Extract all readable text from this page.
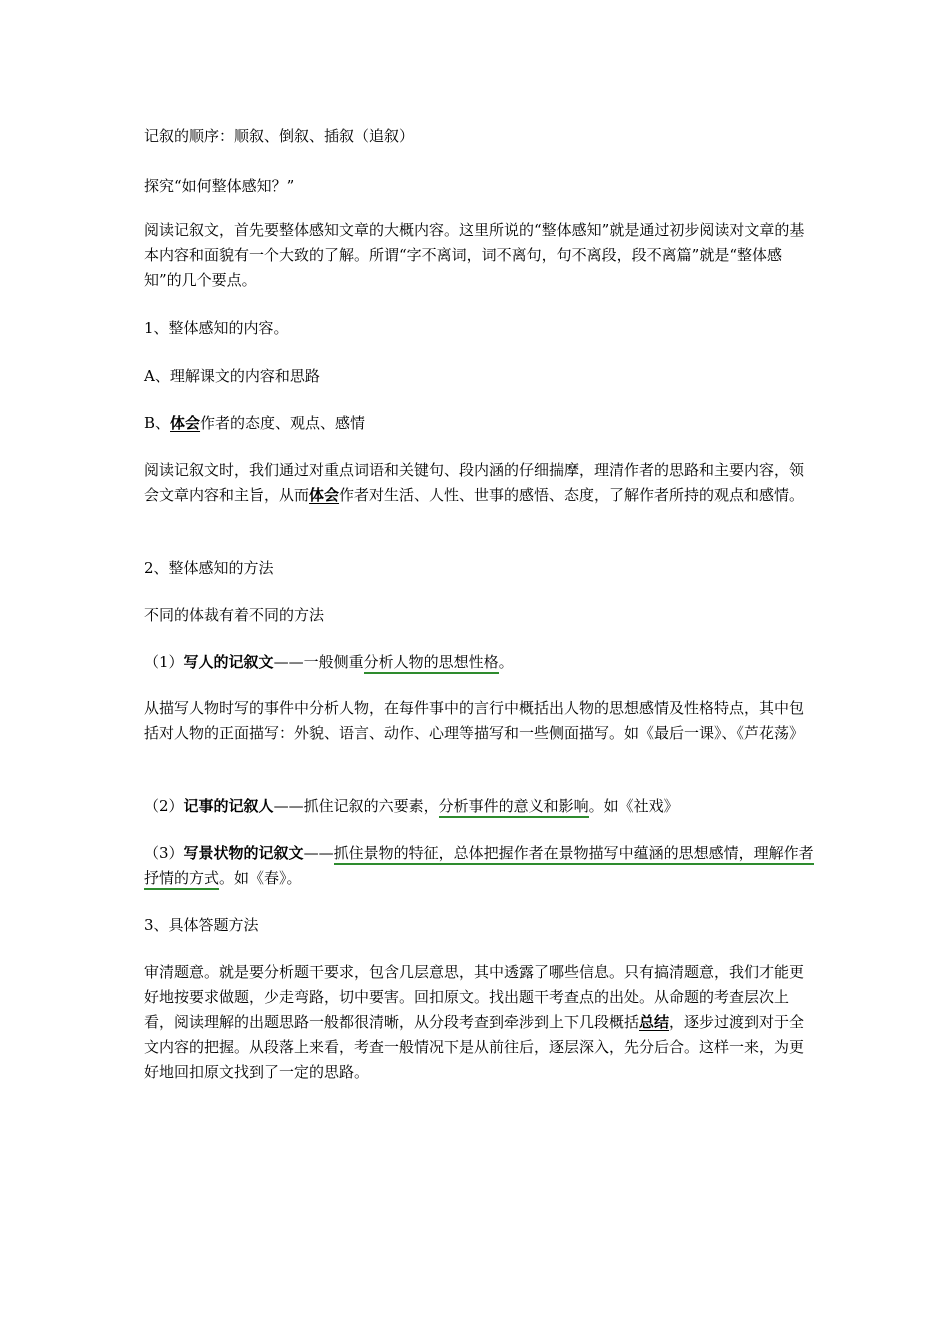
记叙的顺序：顺叙、倒叙、插叙（追叙）

探究“如何整体感知？”

阅读记叙文，首先要整体感知文章的大概内容。这里所说的“整体感知”就是通过初步阅读对文章的基本内容和面貌有一个大致的了解。所谓“字不离词，词不离句，句不离段，段不离篇”就是“整体感知”的几个要点。

1、整体感知的内容。

A、理解课文的内容和思路

B、体会作者的态度、观点、感情

阅读记叙文时，我们通过对重点词语和关键句、段内涵的仔细揣摩，理清作者的思路和主要内容，领会文章内容和主旨，从而体会作者对生活、人性、世事的感悟、态度，了解作者所持的观点和感情。

2、整体感知的方法

不同的体裁有着不同的方法

（1）写人的记叙文——一般侧重分析人物的思想性格。

从描写人物时写的事件中分析人物，在每件事中的言行中概括出人物的思想感情及性格特点，其中包括对人物的正面描写：外貌、语言、动作、心理等描写和一些侧面描写。如《最后一课》、《芦花荡》

（2）记事的记叙人——抓住记叙的六要素，分析事件的意义和影响。如《社戏》

（3）写景状物的记叙文——抓住景物的特征，总体把握作者在景物描写中蕴涵的思想感情，理解作者抒情的方式。如《春》。

3、具体答题方法

审清题意。就是要分析题干要求，包含几层意思，其中透露了哪些信息。只有搞清题意，我们才能更好地按要求做题，少走弯路，切中要害。回扣原文。找出题干考查点的出处。从命题的考查层次上看，阅读理解的出题思路一般都很清晰，从分段考查到牵涉到上下几段概括总结，逐步过渡到对于全文内容的把握。从段落上来看，考查一般情况下是从前往后，逐层深入，先分后合。这样一来，为更好地回扣原文找到了一定的思路。
